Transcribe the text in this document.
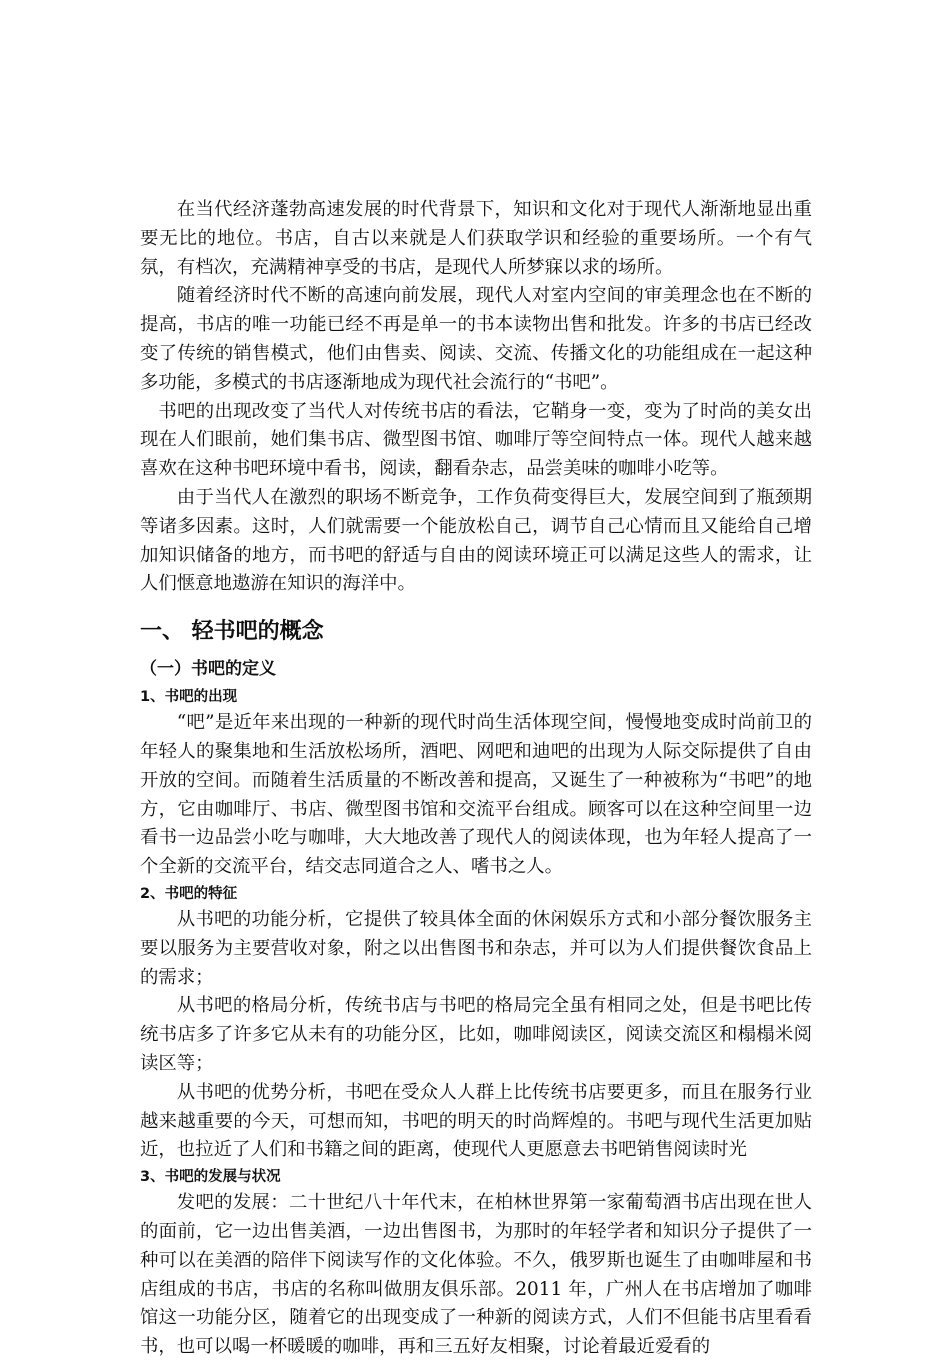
在当代经济蓬勃高速发展的时代背景下，知识和文化对于现代人渐渐地显出重要无比的地位。书店，自古以来就是人们获取学识和经验的重要场所。一个有气氛，有档次，充满精神享受的书店，是现代人所梦寐以求的场所。

随着经济时代不断的高速向前发展，现代人对室内空间的审美理念也在不断的提高，书店的唯一功能已经不再是单一的书本读物出售和批发。许多的书店已经改变了传统的销售模式，他们由售卖、阅读、交流、传播文化的功能组成在一起这种多功能，多模式的书店逐渐地成为现代社会流行的“书吧”。

书吧的出现改变了当代人对传统书店的看法，它鞘身一变，变为了时尚的美女出现在人们眼前，她们集书店、微型图书馆、咖啡厅等空间特点一体。现代人越来越喜欢在这种书吧环境中看书，阅读，翻看杂志，品尝美味的咖啡小吃等。

由于当代人在激烈的职场不断竞争，工作负荷变得巨大，发展空间到了瓶颈期等诸多因素。这时，人们就需要一个能放松自己，调节自己心情而且又能给自己增加知识储备的地方，而书吧的舒适与自由的阅读环境正可以满足这些人的需求，让人们惬意地遨游在知识的海洋中。

一、 轻书吧的概念
（一）书吧的定义
1、书吧的出现

“吧”是近年来出现的一种新的现代时尚生活体现空间，慢慢地变成时尚前卫的年轻人的聚集地和生活放松场所，酒吧、网吧和迪吧的出现为人际交际提供了自由开放的空间。而随着生活质量的不断改善和提高，又诞生了一种被称为“书吧”的地方，它由咖啡厅、书店、微型图书馆和交流平台组成。顾客可以在这种空间里一边看书一边品尝小吃与咖啡，大大地改善了现代人的阅读体现，也为年轻人提高了一个全新的交流平台，结交志同道合之人、嗜书之人。

2、书吧的特征

从书吧的功能分析，它提供了较具体全面的休闲娱乐方式和小部分餐饮服务主要以服务为主要营收对象，附之以出售图书和杂志，并可以为人们提供餐饮食品上的需求；

从书吧的格局分析，传统书店与书吧的格局完全虽有相同之处，但是书吧比传统书店多了许多它从未有的功能分区，比如，咖啡阅读区，阅读交流区和榻榻米阅读区等；

从书吧的优势分析，书吧在受众人人群上比传统书店要更多，而且在服务行业越来越重要的今天，可想而知，书吧的明天的时尚辉煌的。书吧与现代生活更加贴近，也拉近了人们和书籍之间的距离，使现代人更愿意去书吧销售阅读时光

3、书吧的发展与状况

发吧的发展：二十世纪八十年代末，在柏林世界第一家葡萄酒书店出现在世人的面前，它一边出售美酒，一边出售图书，为那时的年轻学者和知识分子提供了一种可以在美酒的陪伴下阅读写作的文化体验。不久，俄罗斯也诞生了由咖啡屋和书店组成的书店，书店的名称叫做朋友俱乐部。2011 年，广州人在书店增加了咖啡馆这一功能分区，随着它的出现变成了一种新的阅读方式，人们不但能书店里看看书，也可以喝一杯暖暖的咖啡，再和三五好友相聚，讨论着最近爱看的
